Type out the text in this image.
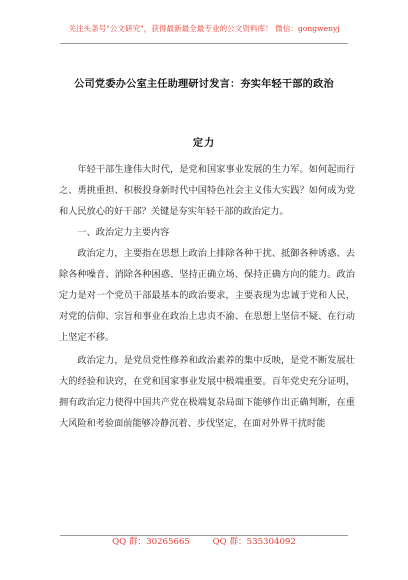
关注头条号"公文研究"，获得最新最全最专业的公文资料库！ 微信：gongwenyj
公司党委办公室主任助理研讨发言：夯实年轻干部的政治
定力

年轻干部生逢伟大时代，是党和国家事业发展的生力军。如何起而行之、勇挑重担、积极投身新时代中国特色社会主义伟大实践？如何成为党和人民放心的好干部？关键是夯实年轻干部的政治定力。

一、政治定力主要内容

政治定力，主要指在思想上政治上排除各种干扰、抵御各种诱惑、去除各种噪音、消除各种困惑、坚持正确立场、保持正确方向的能力。政治定力是对一个党员干部最基本的政治要求，主要表现为忠诚于党和人民，对党的信仰、宗旨和事业在政治上忠贞不渝、在思想上坚信不疑、在行动上坚定不移。

政治定力，是党员党性修养和政治素养的集中反映，是党不断发展壮大的经验和诀窍，在党和国家事业发展中极端重要。百年党史充分证明，拥有政治定力使得中国共产党在极端复杂局面下能够作出正确判断，在重大风险和考验面前能够冷静沉着、步伐坚定，在面对外界干扰时能

QQ 群：30265665	QQ 群：535304092
